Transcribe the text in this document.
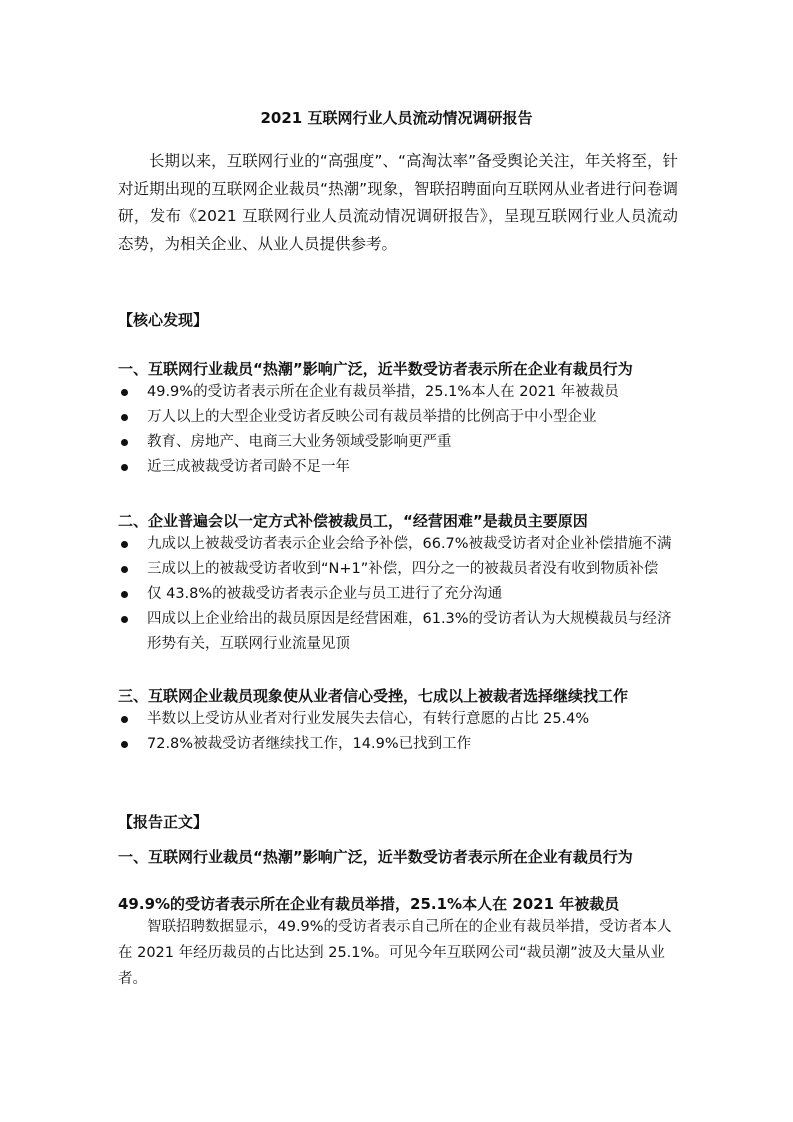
2021 互联网行业人员流动情况调研报告
长期以来，互联网行业的“高强度”、“高淘汰率”备受舆论关注，年关将至，针对近期出现的互联网企业裁员“热潮”现象，智联招聘面向互联网从业者进行问卷调研，发布《2021 互联网行业人员流动情况调研报告》，呈现互联网行业人员流动态势，为相关企业、从业人员提供参考。
【核心发现】
一、互联网行业裁员“热潮”影响广泛，近半数受访者表示所在企业有裁员行为
49.9%的受访者表示所在企业有裁员举措，25.1%本人在 2021 年被裁员
万人以上的大型企业受访者反映公司有裁员举措的比例高于中小型企业
教育、房地产、电商三大业务领域受影响更严重
近三成被裁受访者司龄不足一年
二、企业普遍会以一定方式补偿被裁员工，“经营困难”是裁员主要原因
九成以上被裁受访者表示企业会给予补偿，66.7%被裁受访者对企业补偿措施不满
三成以上的被裁受访者收到“N+1”补偿，四分之一的被裁员者没有收到物质补偿
仅 43.8%的被裁受访者表示企业与员工进行了充分沟通
四成以上企业给出的裁员原因是经营困难，61.3%的受访者认为大规模裁员与经济形势有关，互联网行业流量见顶
三、互联网企业裁员现象使从业者信心受挫，七成以上被裁者选择继续找工作
半数以上受访从业者对行业发展失去信心，有转行意愿的占比 25.4%
72.8%被裁受访者继续找工作，14.9%已找到工作
【报告正文】
一、互联网行业裁员“热潮”影响广泛，近半数受访者表示所在企业有裁员行为
49.9%的受访者表示所在企业有裁员举措，25.1%本人在 2021 年被裁员
智联招聘数据显示，49.9%的受访者表示自己所在的企业有裁员举措，受访者本人在 2021 年经历裁员的占比达到 25.1%。可见今年互联网公司“裁员潮”波及大量从业者。
